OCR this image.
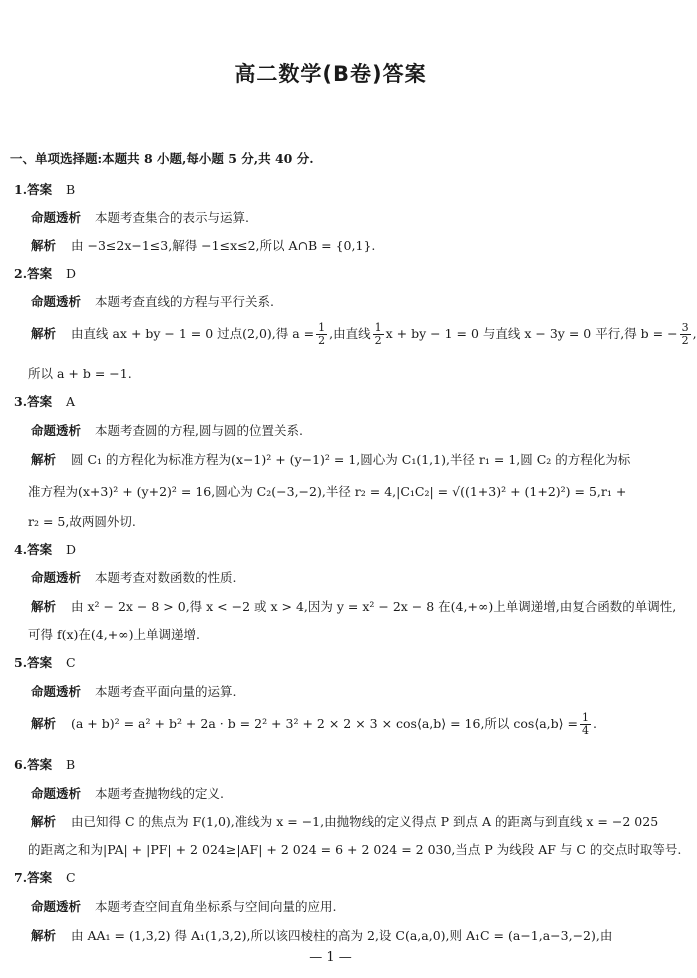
高二数学(B卷)答案
一、单项选择题:本题共 8 小题,每小题 5 分,共 40 分.
1.答案 B
命题透析 本题考查集合的表示与运算.
解析 由 −3≤2x−1≤3,解得 −1≤x≤2,所以 A∩B = {0,1}.
2.答案 D
命题透析 本题考查直线的方程与平行关系.
解析 由直线 ax + by − 1 = 0 过点(2,0),得 $a = \frac{1}{2}$ ,由直线 $\frac{1}{2}$ x + by − 1 = 0 与直线 x − 3y = 0 平行,得 b = − $\frac{3}{2}$ ,
所以 a + b = −1.
3.答案 A
命题透析 本题考查圆的方程,圆与圆的位置关系.
解析 圆 C₁ 的方程化为标准方程为(x−1)² + (y−1)² = 1,圆心为 C₁(1,1),半径 r₁ = 1,圆 C₂ 的方程化为标
准方程为(x+3)² + (y+2)² = 16,圆心为 C₂(−3,−2),半径 r₂ = 4,|C₁C₂| = √((1+3)² + (1+2)²) = 5,r₁ +
r₂ = 5,故两圆外切.
4.答案 D
命题透析 本题考查对数函数的性质.
解析 由 x² − 2x − 8 > 0,得 x < −2 或 x > 4,因为 y = x² − 2x − 8 在(4,+∞)上单调递增,由复合函数的单调性,
可得 f(x)在(4,+∞)上单调递增.
5.答案 C
命题透析 本题考查平面向量的运算.
解析 (a + b)² = a² + b² + 2a · b = 2² + 3² + 2 × 2 × 3 × cos⟨a,b⟩ = 16,所以 cos⟨a,b⟩ = $\frac{1}{4}$ .
6.答案 B
命题透析 本题考查抛物线的定义.
解析 由已知得 C 的焦点为 F(1,0),准线为 x = −1,由抛物线的定义得点 P 到点 A 的距离与到直线 x = −2 025
的距离之和为|PA| + |PF| + 2 024≥|AF| + 2 024 = 6 + 2 024 = 2 030,当点 P 为线段 AF 与 C 的交点时取等号.
7.答案 C
命题透析 本题考查空间直角坐标系与空间向量的应用.
解析 由 AA₁ = (1,3,2) 得 A₁(1,3,2),所以该四棱柱的高为 2,设 C(a,a,0),则 A₁C = (a−1,a−3,−2),由
— 1 —
